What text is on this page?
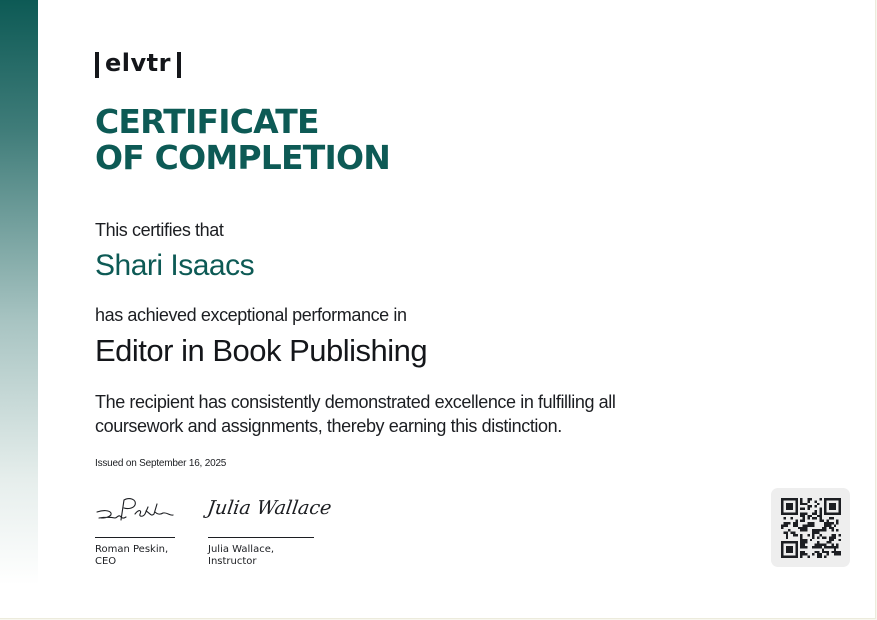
elvtr
CERTIFICATE
OF COMPLETION
This certifies that
Shari Isaacs
has achieved exceptional performance in
Editor in Book Publishing
The recipient has consistently demonstrated excellence in fulfilling all coursework and assignments, thereby earning this distinction.
Issued on September 16, 2025
Roman Peskin,
CEO
Julia Wallace
Julia Wallace,
Instructor
